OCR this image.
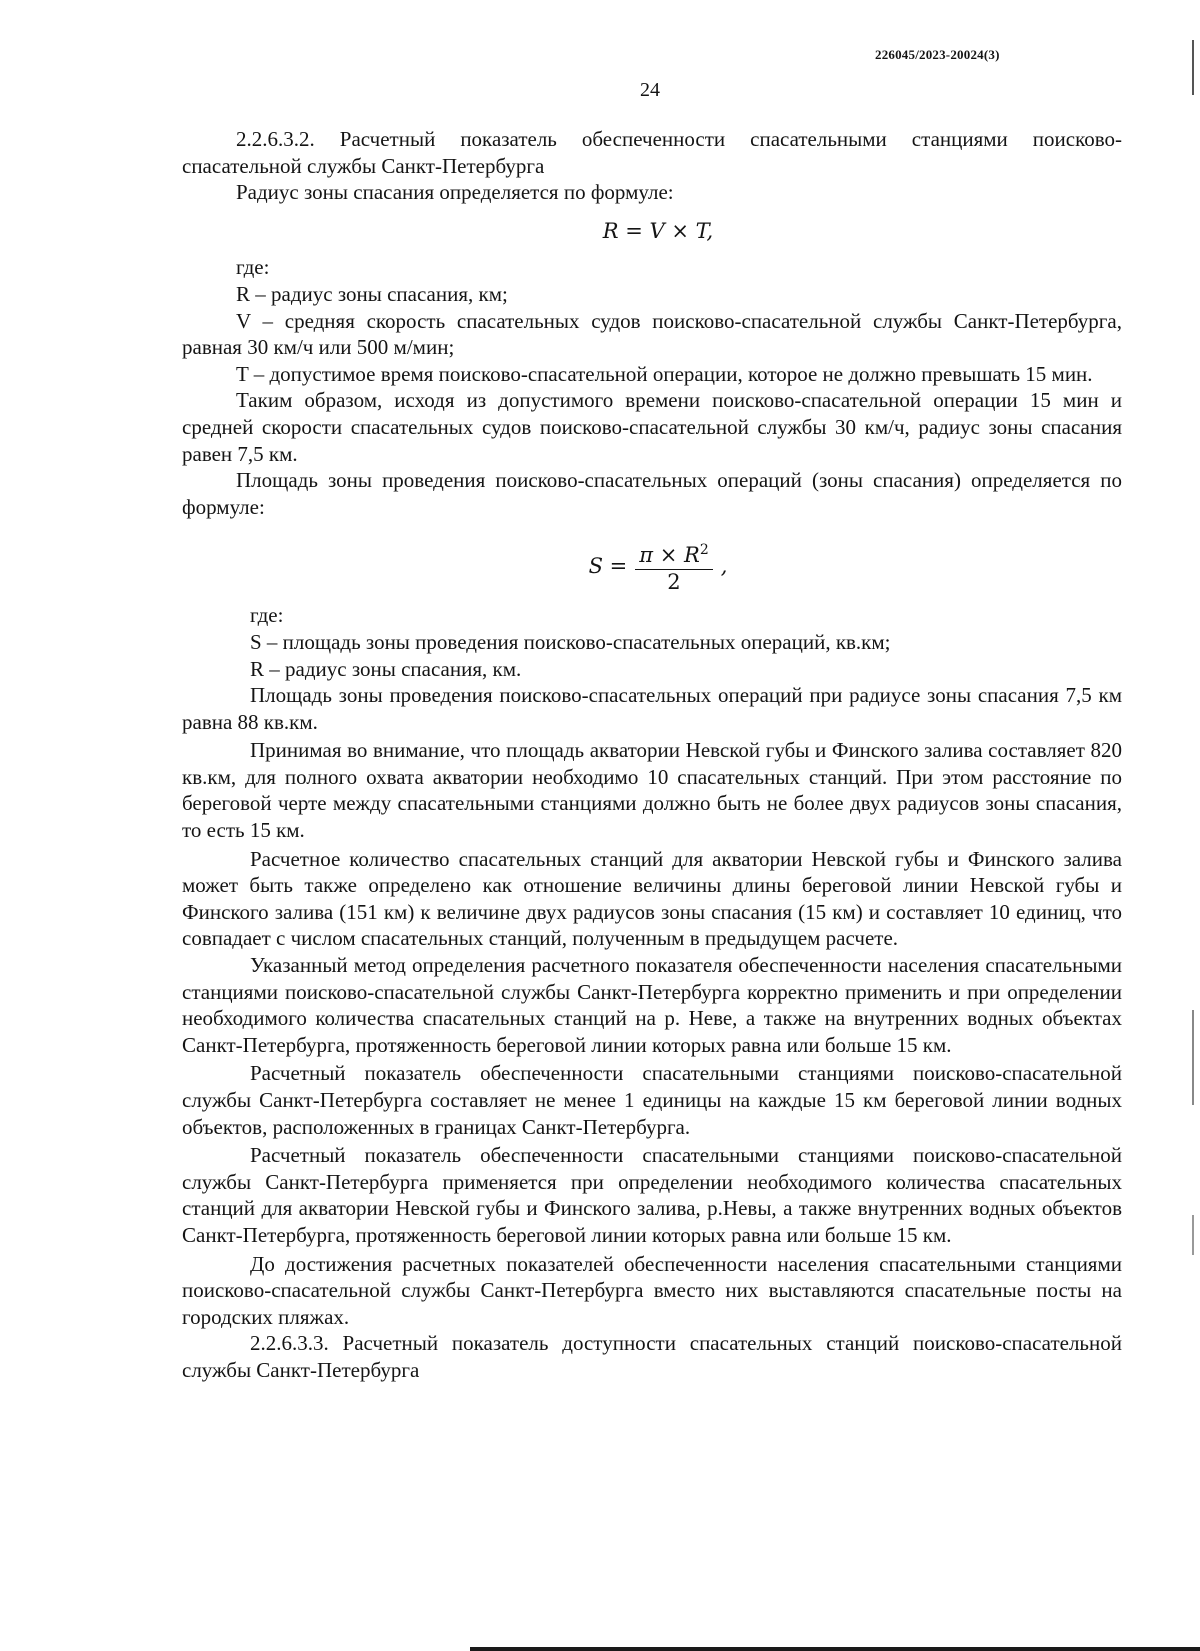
226045/2023-20024(3)
24

2.2.6.3.2. Расчетный показатель обеспеченности спасательными станциями поисково-спасательной службы Санкт-Петербурга

Радиус зоны спасания определяется по формуле:

R = V × T,

где:

R – радиус зоны спасания, км;

V – средняя скорость спасательных судов поисково-спасательной службы Санкт-Петербурга, равная 30 км/ч или 500 м/мин;

T – допустимое время поисково-спасательной операции, которое не должно превышать 15 мин.

Таким образом, исходя из допустимого времени поисково-спасательной операции 15 мин и средней скорости спасательных судов поисково-спасательной службы 30 км/ч, радиус зоны спасания равен 7,5 км.

Площадь зоны проведения поисково-спасательных операций (зоны спасания) определяется по формуле:

$S = \frac{\pi \times R^2}{2}$ ,

где:

S – площадь зоны проведения поисково-спасательных операций, кв.км;

R – радиус зоны спасания, км.

Площадь зоны проведения поисково-спасательных операций при радиусе зоны спасания 7,5 км равна 88 кв.км.

Принимая во внимание, что площадь акватории Невской губы и Финского залива составляет 820 кв.км, для полного охвата акватории необходимо 10 спасательных станций. При этом расстояние по береговой черте между спасательными станциями должно быть не более двух радиусов зоны спасания, то есть 15 км.

Расчетное количество спасательных станций для акватории Невской губы и Финского залива может быть также определено как отношение величины длины береговой линии Невской губы и Финского залива (151 км) к величине двух радиусов зоны спасания (15 км) и составляет 10 единиц, что совпадает с числом спасательных станций, полученным в предыдущем расчете.

Указанный метод определения расчетного показателя обеспеченности населения спасательными станциями поисково-спасательной службы Санкт-Петербурга корректно применить и при определении необходимого количества спасательных станций на р. Неве, а также на внутренних водных объектах Санкт-Петербурга, протяженность береговой линии которых равна или больше 15 км.

Расчетный показатель обеспеченности спасательными станциями поисково-спасательной службы Санкт-Петербурга составляет не менее 1 единицы на каждые 15 км береговой линии водных объектов, расположенных в границах Санкт-Петербурга.

Расчетный показатель обеспеченности спасательными станциями поисково-спасательной службы Санкт-Петербурга применяется при определении необходимого количества спасательных станций для акватории Невской губы и Финского залива, р.Невы, а также внутренних водных объектов Санкт-Петербурга, протяженность береговой линии которых равна или больше 15 км.

До достижения расчетных показателей обеспеченности населения спасательными станциями поисково-спасательной службы Санкт-Петербурга вместо них выставляются спасательные посты на городских пляжах.

2.2.6.3.3. Расчетный показатель доступности спасательных станций поисково-спасательной службы Санкт-Петербурга
